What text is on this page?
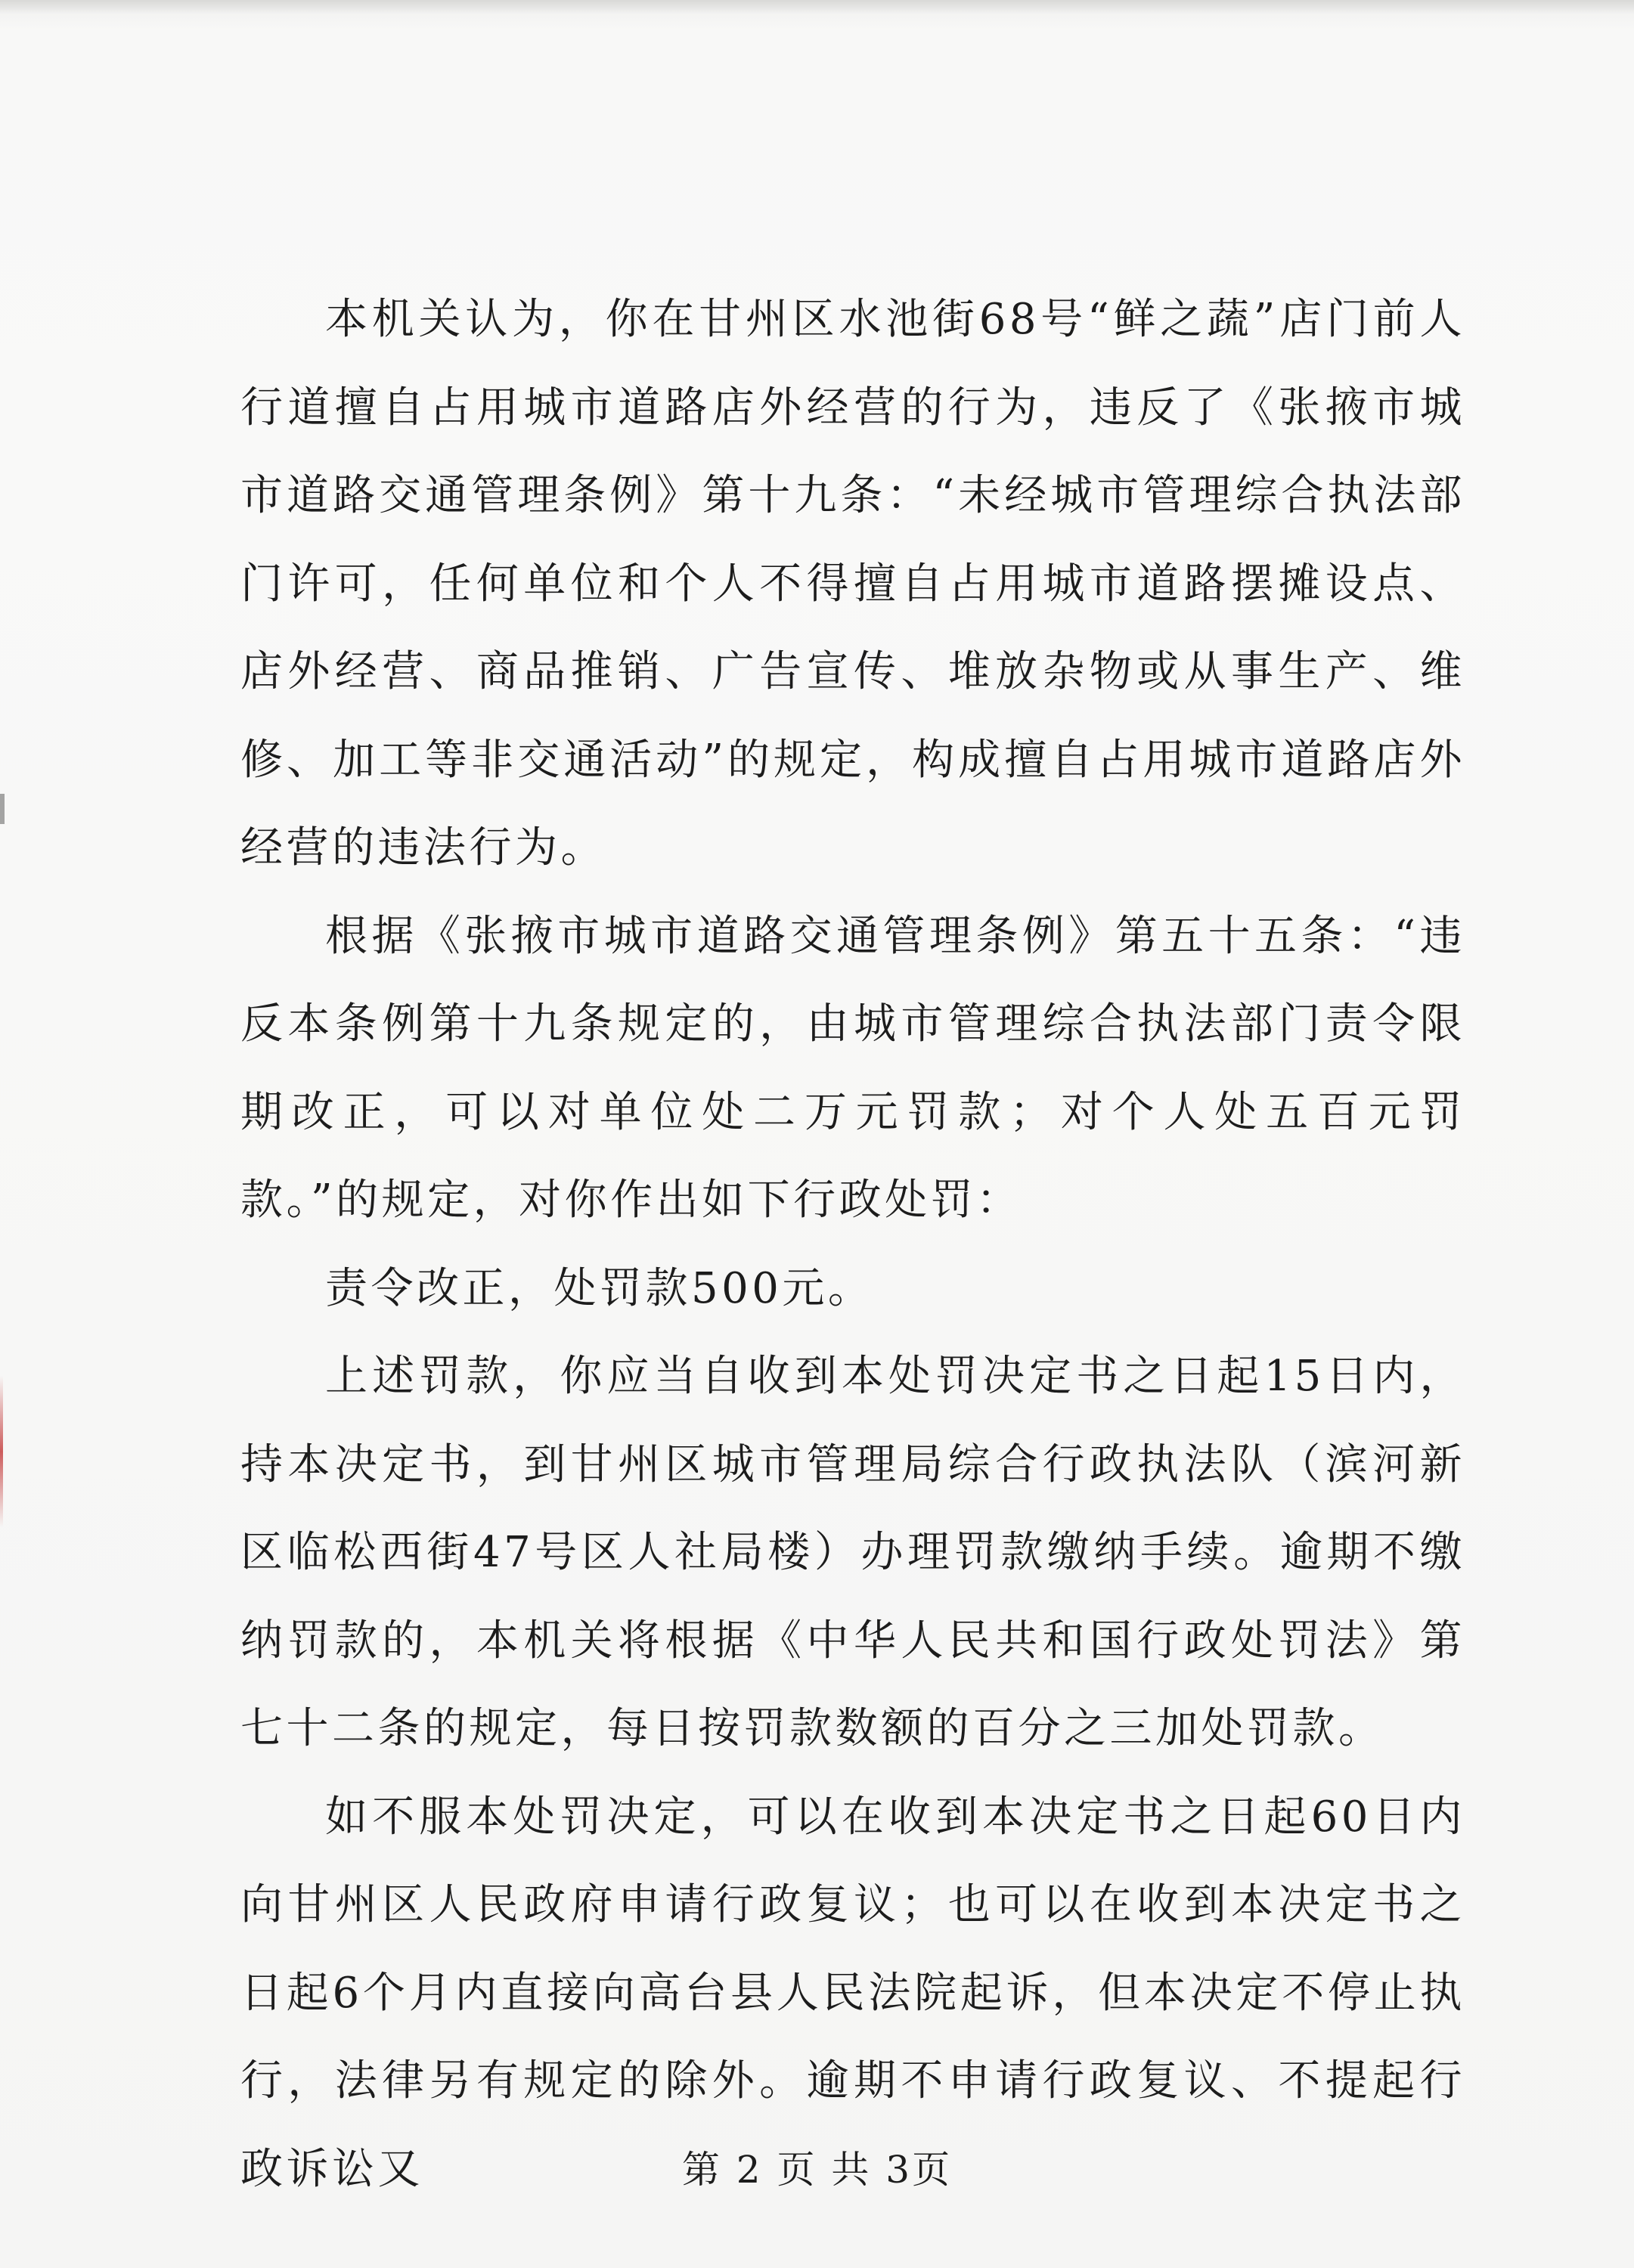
本机关认为，你在甘州区水池街68号“鲜之蔬”店门前人行道擅自占用城市道路店外经营的行为，违反了《张掖市城市道路交通管理条例》第十九条：“未经城市管理综合执法部门许可，任何单位和个人不得擅自占用城市道路摆摊设点、店外经营、商品推销、广告宣传、堆放杂物或从事生产、维修、加工等非交通活动”的规定，构成擅自占用城市道路店外经营的违法行为。

根据《张掖市城市道路交通管理条例》第五十五条：“违反本条例第十九条规定的，由城市管理综合执法部门责令限期改正，可以对单位处二万元罚款；对个人处五百元罚款。”的规定，对你作出如下行政处罚：

责令改正，处罚款500元。

上述罚款，你应当自收到本处罚决定书之日起15日内，持本决定书，到甘州区城市管理局综合行政执法队（滨河新区临松西街47号区人社局楼）办理罚款缴纳手续。逾期不缴纳罚款的，本机关将根据《中华人民共和国行政处罚法》第七十二条的规定，每日按罚款数额的百分之三加处罚款。

如不服本处罚决定，可以在收到本决定书之日起60日内向甘州区人民政府申请行政复议；也可以在收到本决定书之日起6个月内直接向高台县人民法院起诉，但本决定不停止执行，法律另有规定的除外。逾期不申请行政复议、不提起行政诉讼又	第 2 页 共 3页
